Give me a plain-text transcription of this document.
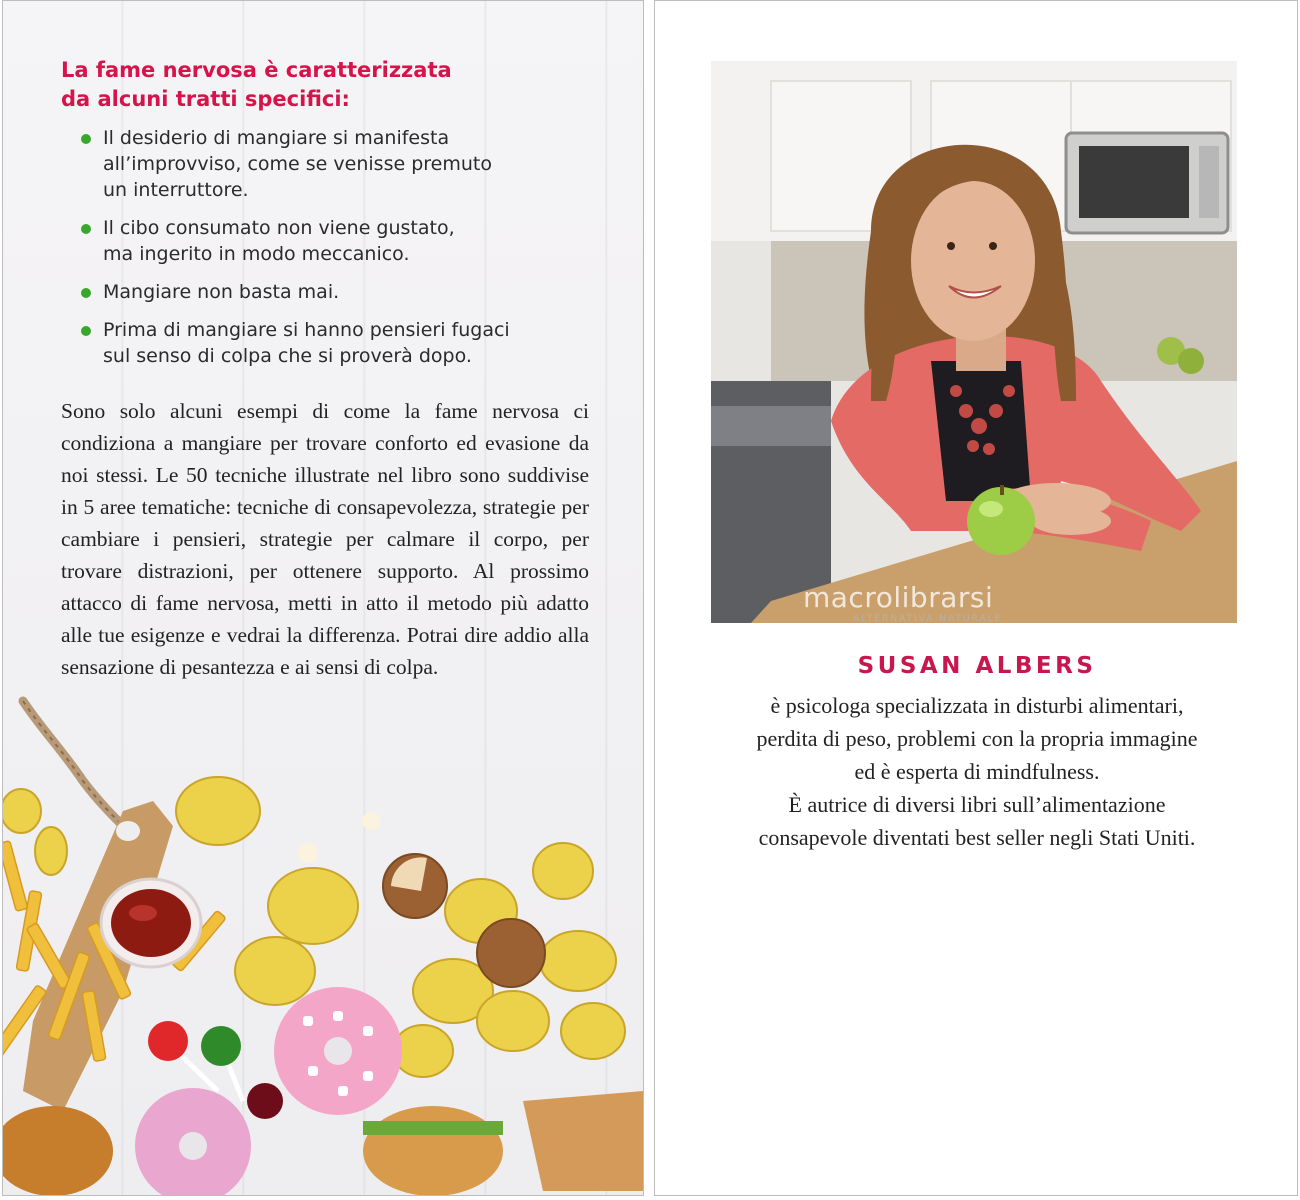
La fame nervosa è caratterizzata
da alcuni tratti specifici:
Il desiderio di mangiare si manifesta
all’improvviso, come se venisse premuto
un interruttore.
Il cibo consumato non viene gustato,
ma ingerito in modo meccanico.
Mangiare non basta mai.
Prima di mangiare si hanno pensieri fugaci
sul senso di colpa che si proverà dopo.

Sono solo alcuni esempi di come la fame nervosa ci condiziona a mangiare per trovare conforto ed evasione da noi stessi. Le 50 tecniche illustrate nel libro sono suddivise in 5 aree tematiche: tecniche di consapevolezza, strategie per cambiare i pensieri, strategie per calmare il corpo, per trovare distrazioni, per ottenere supporto. Al prossimo attacco di fame nervosa, metti in atto il metodo più adatto alle tue esigenze e vedrai la differenza. Potrai dire addio alla sensazione di pesantezza e ai sensi di colpa.

macrolibrarsi
ALTERNATIVA NATURALE
SUSAN ALBERS

è psicologa specializzata in disturbi alimentari,
perdita di peso, problemi con la propria immagine
ed è esperta di mindfulness.
È autrice di diversi libri sull’alimentazione
consapevole diventati best seller negli Stati Uniti.
